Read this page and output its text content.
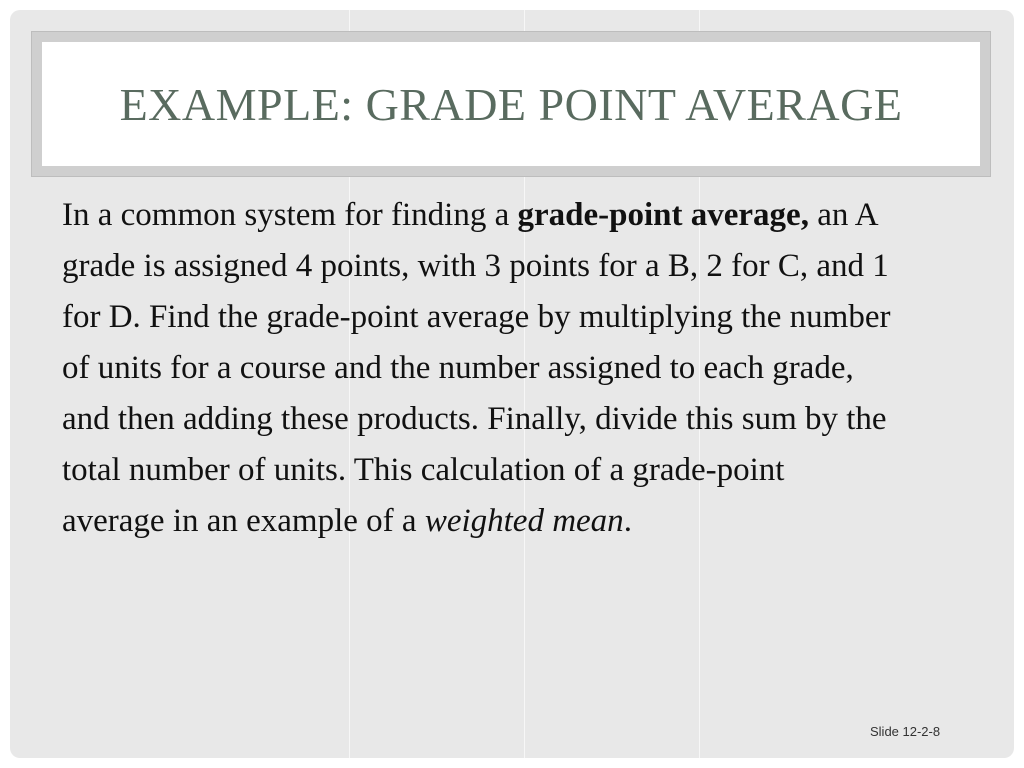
EXAMPLE: GRADE POINT AVERAGE
In a common system for finding a grade-point average, an A grade is assigned 4 points, with 3 points for a B, 2 for C, and 1 for D. Find the grade-point average by multiplying the number of units for a course and the number assigned to each grade, and then adding these products. Finally, divide this sum by the total number of units. This calculation of a grade-point average in an example of a weighted mean.
Slide 12-2-8
